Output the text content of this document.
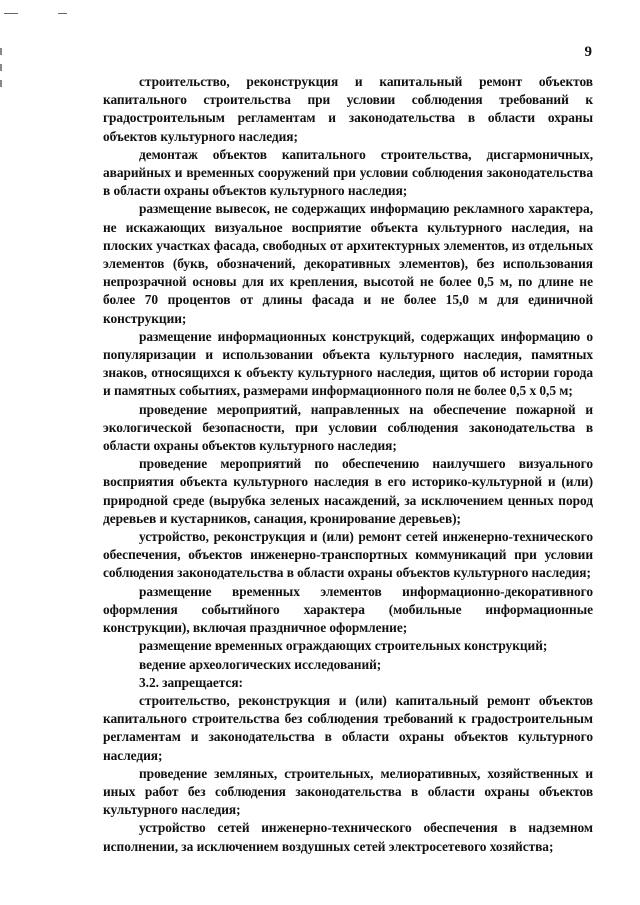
9

строительство, реконструкция и капитальный ремонт объектов капитального строительства при условии соблюдения требований к градостроительным регламентам и законодательства в области охраны объектов культурного наследия;

демонтаж объектов капитального строительства, дисгармоничных, аварийных и временных сооружений при условии соблюдения законодательства в области охраны объектов культурного наследия;

размещение вывесок, не содержащих информацию рекламного характера, не искажающих визуальное восприятие объекта культурного наследия, на плоских участках фасада, свободных от архитектурных элементов, из отдельных элементов (букв, обозначений, декоративных элементов), без использования непрозрачной основы для их крепления, высотой не более 0,5 м, по длине не более 70 процентов от длины фасада и не более 15,0 м для единичной конструкции;

размещение информационных конструкций, содержащих информацию о популяризации и использовании объекта культурного наследия, памятных знаков, относящихся к объекту культурного наследия, щитов об истории города и памятных событиях, размерами информационного поля не более 0,5 х 0,5 м;

проведение мероприятий, направленных на обеспечение пожарной и экологической безопасности, при условии соблюдения законодательства в области охраны объектов культурного наследия;

проведение мероприятий по обеспечению наилучшего визуального восприятия объекта культурного наследия в его историко-культурной и (или) природной среде (вырубка зеленых насаждений, за исключением ценных пород деревьев и кустарников, санация, кронирование деревьев);

устройство, реконструкция и (или) ремонт сетей инженерно-технического обеспечения, объектов инженерно-транспортных коммуникаций при условии соблюдения законодательства в области охраны объектов культурного наследия;

размещение временных элементов информационно-декоративного оформления событийного характера (мобильные информационные конструкции), включая праздничное оформление;

размещение временных ограждающих строительных конструкций;

ведение археологических исследований;

3.2. запрещается:

строительство, реконструкция и (или) капитальный ремонт объектов капитального строительства без соблюдения требований к градостроительным регламентам и законодательства в области охраны объектов культурного наследия;

проведение земляных, строительных, мелиоративных, хозяйственных и иных работ без соблюдения законодательства в области охраны объектов культурного наследия;

устройство сетей инженерно-технического обеспечения в надземном исполнении, за исключением воздушных сетей электросетевого хозяйства;
